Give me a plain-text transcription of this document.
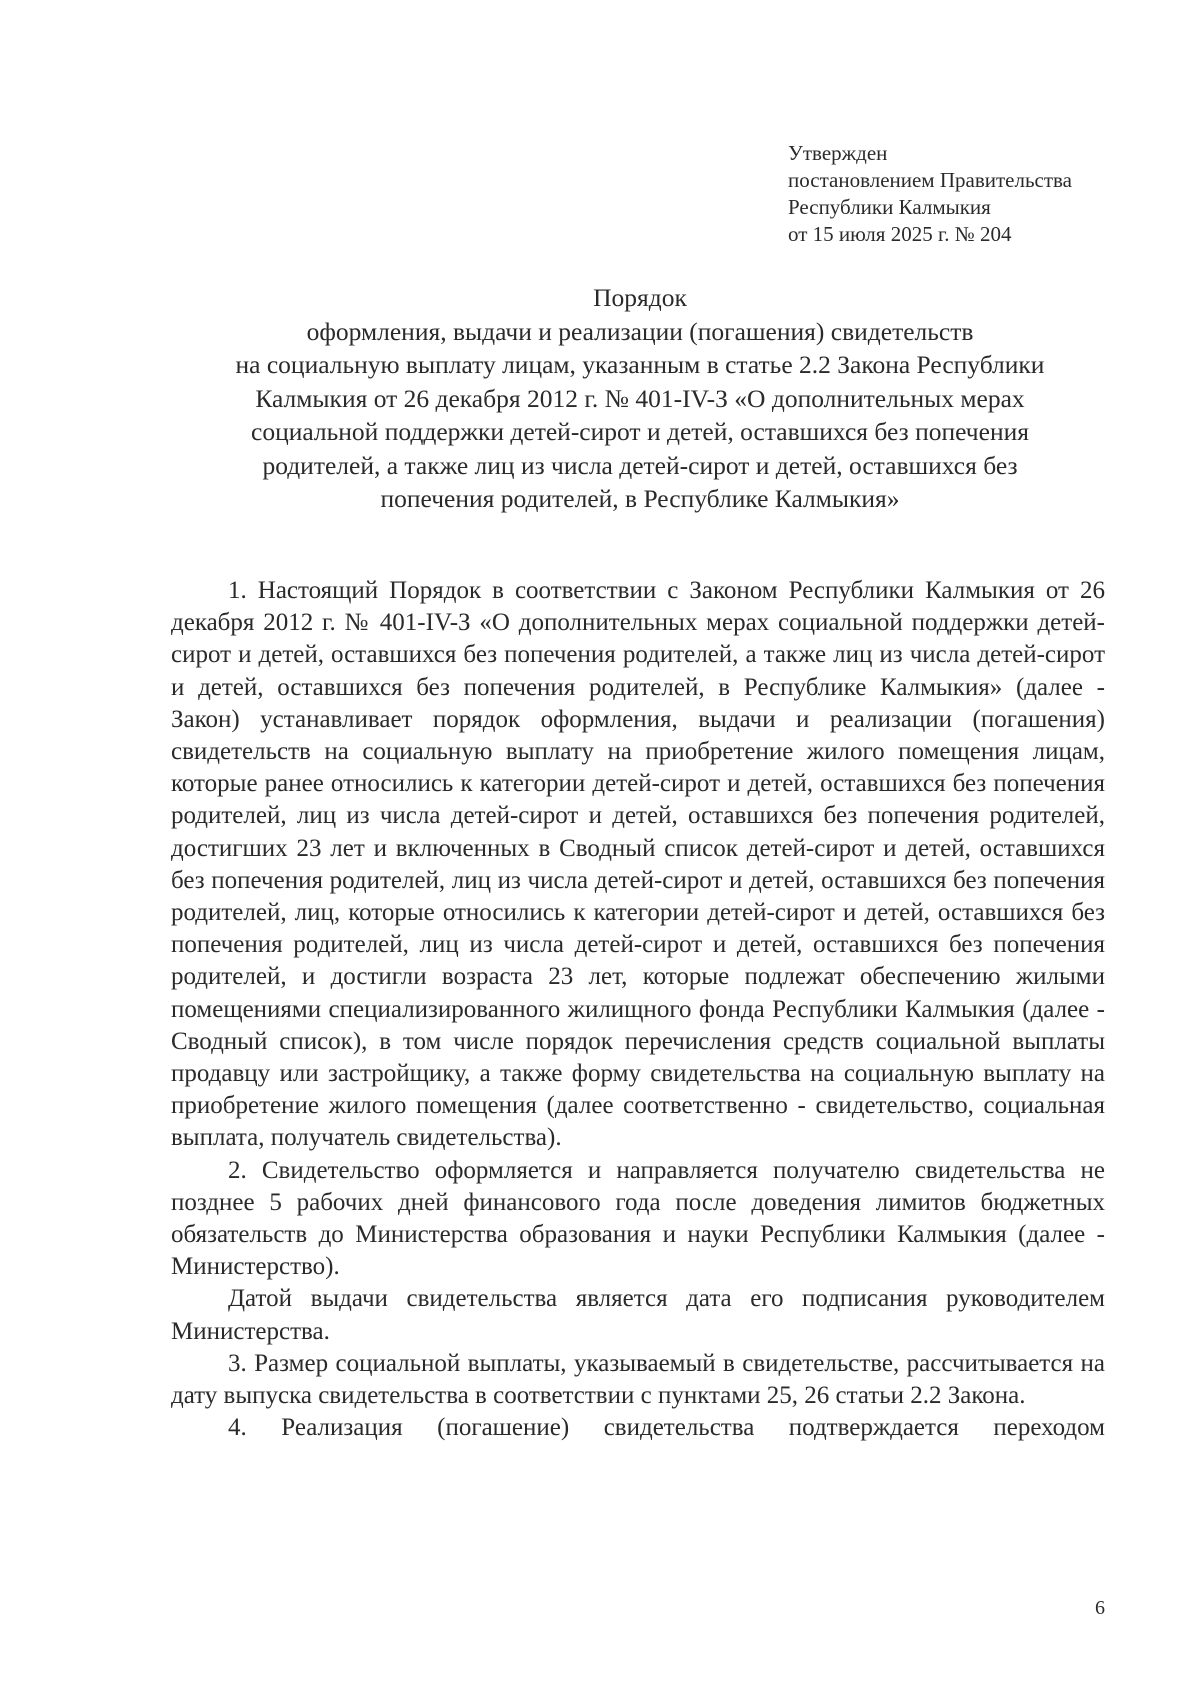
Утвержден
постановлением Правительства
Республики Калмыкия
от 15 июля 2025 г. № 204
Порядок
оформления, выдачи и реализации (погашения) свидетельств
на социальную выплату лицам, указанным в статье 2.2 Закона Республики
Калмыкия от 26 декабря 2012 г. № 401-IV-З «О дополнительных мерах
социальной поддержки детей-сирот и детей, оставшихся без попечения
родителей, а также лиц из числа детей-сирот и детей, оставшихся без
попечения родителей, в Республике Калмыкия»

1. Настоящий Порядок в соответствии с Законом Республики Калмыкия от 26 декабря 2012 г. № 401-IV-З «О дополнительных мерах социальной поддержки детей-сирот и детей, оставшихся без попечения родителей, а также лиц из числа детей-сирот и детей, оставшихся без попечения родителей, в Республике Калмыкия» (далее - Закон) устанавливает порядок оформления, выдачи и реализации (погашения) свидетельств на социальную выплату на приобретение жилого помещения лицам, которые ранее относились к категории детей-сирот и детей, оставшихся без попечения родителей, лиц из числа детей-сирот и детей, оставшихся без попечения родителей, достигших 23 лет и включенных в Сводный список детей-сирот и детей, оставшихся без попечения родителей, лиц из числа детей-сирот и детей, оставшихся без попечения родителей, лиц, которые относились к категории детей-сирот и детей, оставшихся без попечения родителей, лиц из числа детей-сирот и детей, оставшихся без попечения родителей, и достигли возраста 23 лет, которые подлежат обеспечению жилыми помещениями специализированного жилищного фонда Республики Калмыкия (далее - Сводный список), в том числе порядок перечисления средств социальной выплаты продавцу или застройщику, а также форму свидетельства на социальную выплату на приобретение жилого помещения (далее соответственно - свидетельство, социальная выплата, получатель свидетельства).

2. Свидетельство оформляется и направляется получателю свидетельства не позднее 5 рабочих дней финансового года после доведения лимитов бюджетных обязательств до Министерства образования и науки Республики Калмыкия (далее - Министерство).

Датой выдачи свидетельства является дата его подписания руководителем Министерства.

3. Размер социальной выплаты, указываемый в свидетельстве, рассчитывается на дату выпуска свидетельства в соответствии с пунктами 25, 26 статьи 2.2 Закона.

4. Реализация (погашение) свидетельства подтверждается переходом

6
